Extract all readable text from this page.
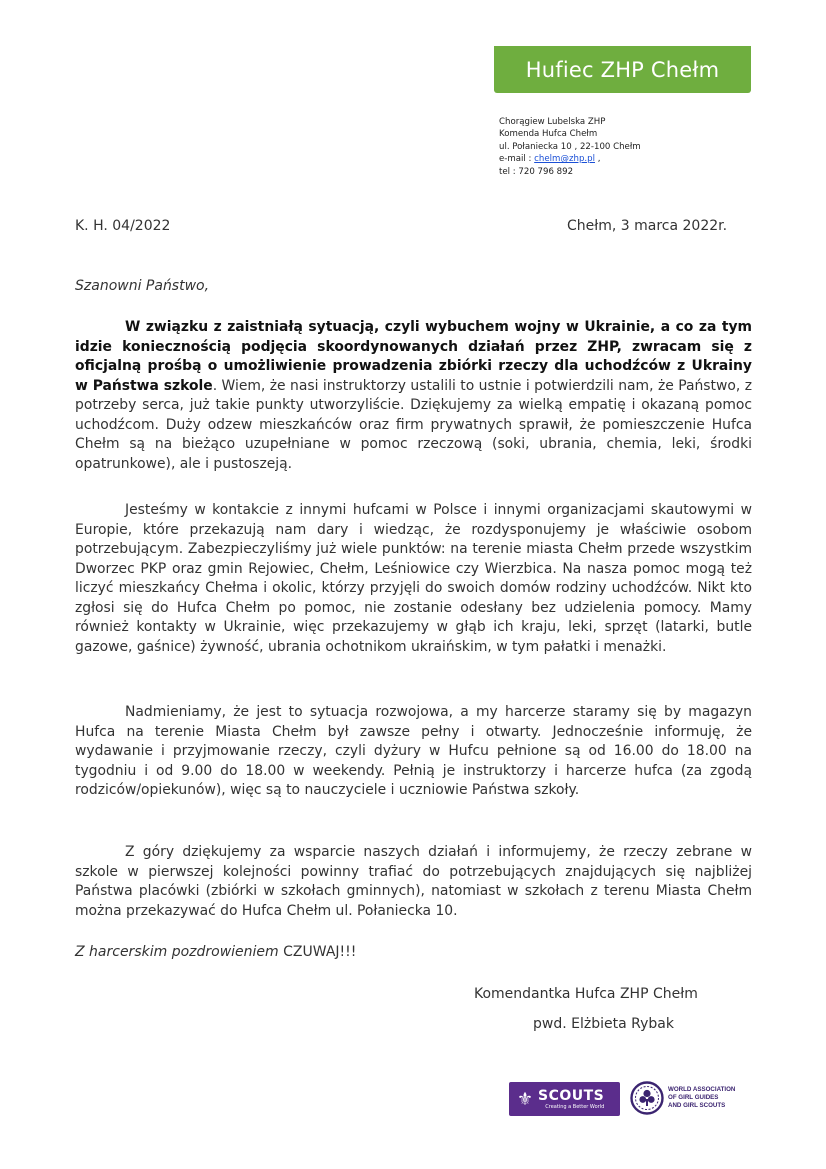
Hufiec ZHP Chełm
Chorągiew Lubelska ZHP
Komenda Hufca Chełm
ul. Połaniecka 10 , 22-100 Chełm
e-mail : chelm@zhp.pl ,
tel : 720 796 892
K. H. 04/2022	Chełm, 3 marca 2022r.
Szanowni Państwo,

W związku z zaistniałą sytuacją, czyli wybuchem wojny w Ukrainie, a co za tym idzie koniecznością podjęcia skoordynowanych działań przez ZHP, zwracam się z oficjalną prośbą o umożliwienie prowadzenia zbiórki rzeczy dla uchodźców z Ukrainy w Państwa szkole. Wiem, że nasi instruktorzy ustalili to ustnie i potwierdzili nam, że Państwo, z potrzeby serca, już takie punkty utworzyliście. Dziękujemy za wielką empatię i okazaną pomoc uchodźcom. Duży odzew mieszkańców oraz firm prywatnych sprawił, że pomieszczenie Hufca Chełm są na bieżąco uzupełniane w pomoc rzeczową (soki, ubrania, chemia, leki, środki opatrunkowe), ale i pustoszeją.

Jesteśmy w kontakcie z innymi hufcami w Polsce i innymi organizacjami skautowymi w Europie, które przekazują nam dary i wiedząc, że rozdysponujemy je właściwie osobom potrzebującym. Zabezpieczyliśmy już wiele punktów: na terenie miasta Chełm przede wszystkim Dworzec PKP oraz gmin Rejowiec, Chełm, Leśniowice czy Wierzbica. Na nasza pomoc mogą też liczyć mieszkańcy Chełma i okolic, którzy przyjęli do swoich domów rodziny uchodźców. Nikt kto zgłosi się do Hufca Chełm po pomoc, nie zostanie odesłany bez udzielenia pomocy. Mamy również kontakty w Ukrainie, więc przekazujemy w głąb ich kraju, leki, sprzęt (latarki, butle gazowe, gaśnice) żywność, ubrania ochotnikom ukraińskim, w tym pałatki i menażki.

Nadmieniamy, że jest to sytuacja rozwojowa, a my harcerze staramy się by magazyn Hufca na terenie Miasta Chełm był zawsze pełny i otwarty. Jednocześnie informuję, że wydawanie i przyjmowanie rzeczy, czyli dyżury w Hufcu pełnione są od 16.00 do 18.00 na tygodniu i od 9.00 do 18.00 w weekendy. Pełnią je instruktorzy i harcerze hufca (za zgodą rodziców/opiekunów), więc są to nauczyciele i uczniowie Państwa szkoły.

Z góry dziękujemy za wsparcie naszych działań i informujemy, że rzeczy zebrane w szkole w pierwszej kolejności powinny trafiać do potrzebujących znajdujących się najbliżej Państwa placówki (zbiórki w szkołach gminnych), natomiast w szkołach z terenu Miasta Chełm można przekazywać do Hufca Chełm ul. Połaniecka 10.

Z harcerskim pozdrowieniem CZUWAJ!!!
Komendantka Hufca ZHP Chełm
pwd. Elżbieta Rybak
⚜ SCOUTS
Creating a Better World
WORLD ASSOCIATION
OF GIRL GUIDES
AND GIRL SCOUTS
